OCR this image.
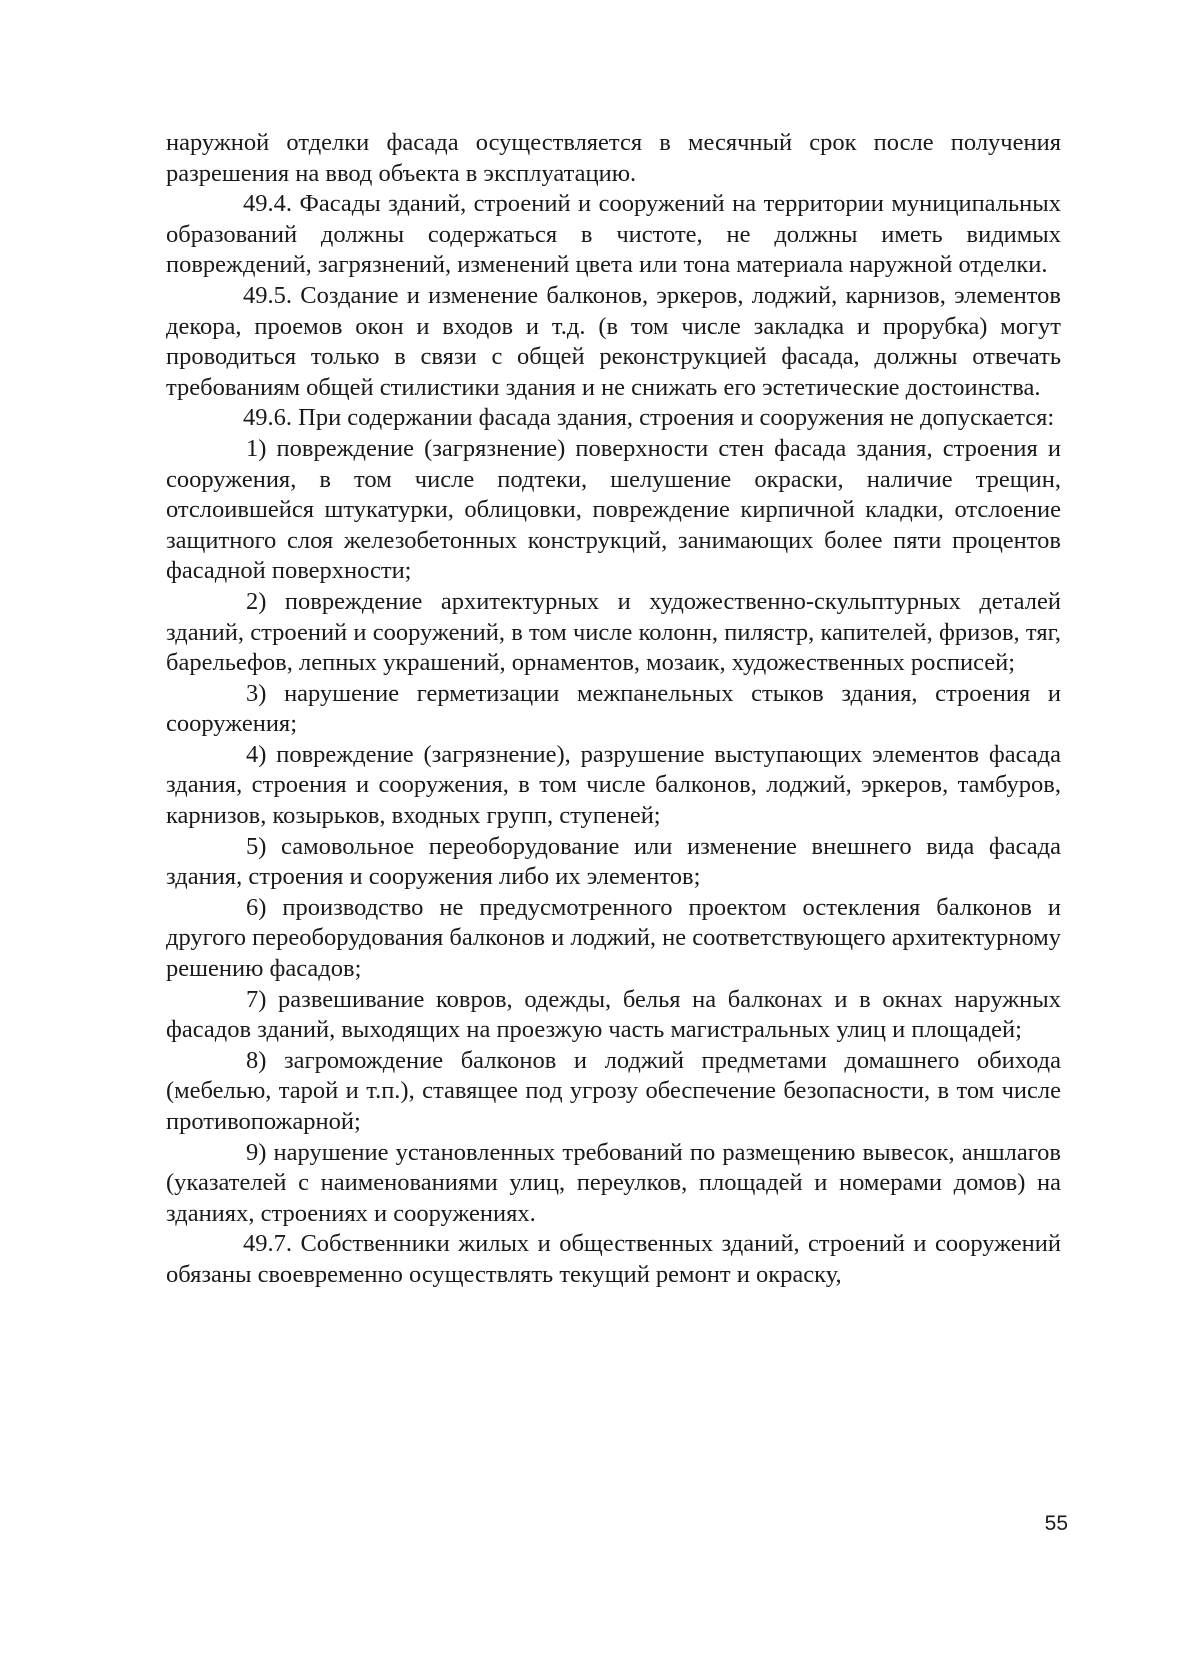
наружной отделки фасада осуществляется в месячный срок после получения разрешения на ввод объекта в эксплуатацию.

49.4. Фасады зданий, строений и сооружений на территории муниципальных образований должны содержаться в чистоте, не должны иметь видимых повреждений, загрязнений, изменений цвета или тона материала наружной отделки.

49.5. Создание и изменение балконов, эркеров, лоджий, карнизов, элементов декора, проемов окон и входов и т.д. (в том числе закладка и прорубка) могут проводиться только в связи с общей реконструкцией фасада, должны отвечать требованиям общей стилистики здания и не снижать его эстетические достоинства.

49.6. При содержании фасада здания, строения и сооружения не допускается:

1) повреждение (загрязнение) поверхности стен фасада здания, строения и сооружения, в том числе подтеки, шелушение окраски, наличие трещин, отслоившейся штукатурки, облицовки, повреждение кирпичной кладки, отслоение защитного слоя железобетонных конструкций, занимающих более пяти процентов фасадной поверхности;

2) повреждение архитектурных и художественно-скульптурных деталей зданий, строений и сооружений, в том числе колонн, пилястр, капителей, фризов, тяг, барельефов, лепных украшений, орнаментов, мозаик, художественных росписей;

3) нарушение герметизации межпанельных стыков здания, строения и сооружения;

4) повреждение (загрязнение), разрушение выступающих элементов фасада здания, строения и сооружения, в том числе балконов, лоджий, эркеров, тамбуров, карнизов, козырьков, входных групп, ступеней;

5) самовольное переоборудование или изменение внешнего вида фасада здания, строения и сооружения либо их элементов;

6) производство не предусмотренного проектом остекления балконов и другого переоборудования балконов и лоджий, не соответствующего архитектурному решению фасадов;

7) развешивание ковров, одежды, белья на балконах и в окнах наружных фасадов зданий, выходящих на проезжую часть магистральных улиц и площадей;

8) загромождение балконов и лоджий предметами домашнего обихода (мебелью, тарой и т.п.), ставящее под угрозу обеспечение безопасности, в том числе противопожарной;

9) нарушение установленных требований по размещению вывесок, аншлагов (указателей с наименованиями улиц, переулков, площадей и номерами домов) на зданиях, строениях и сооружениях.

49.7. Собственники жилых и общественных зданий, строений и сооружений обязаны своевременно осуществлять текущий ремонт и окраску,

55
